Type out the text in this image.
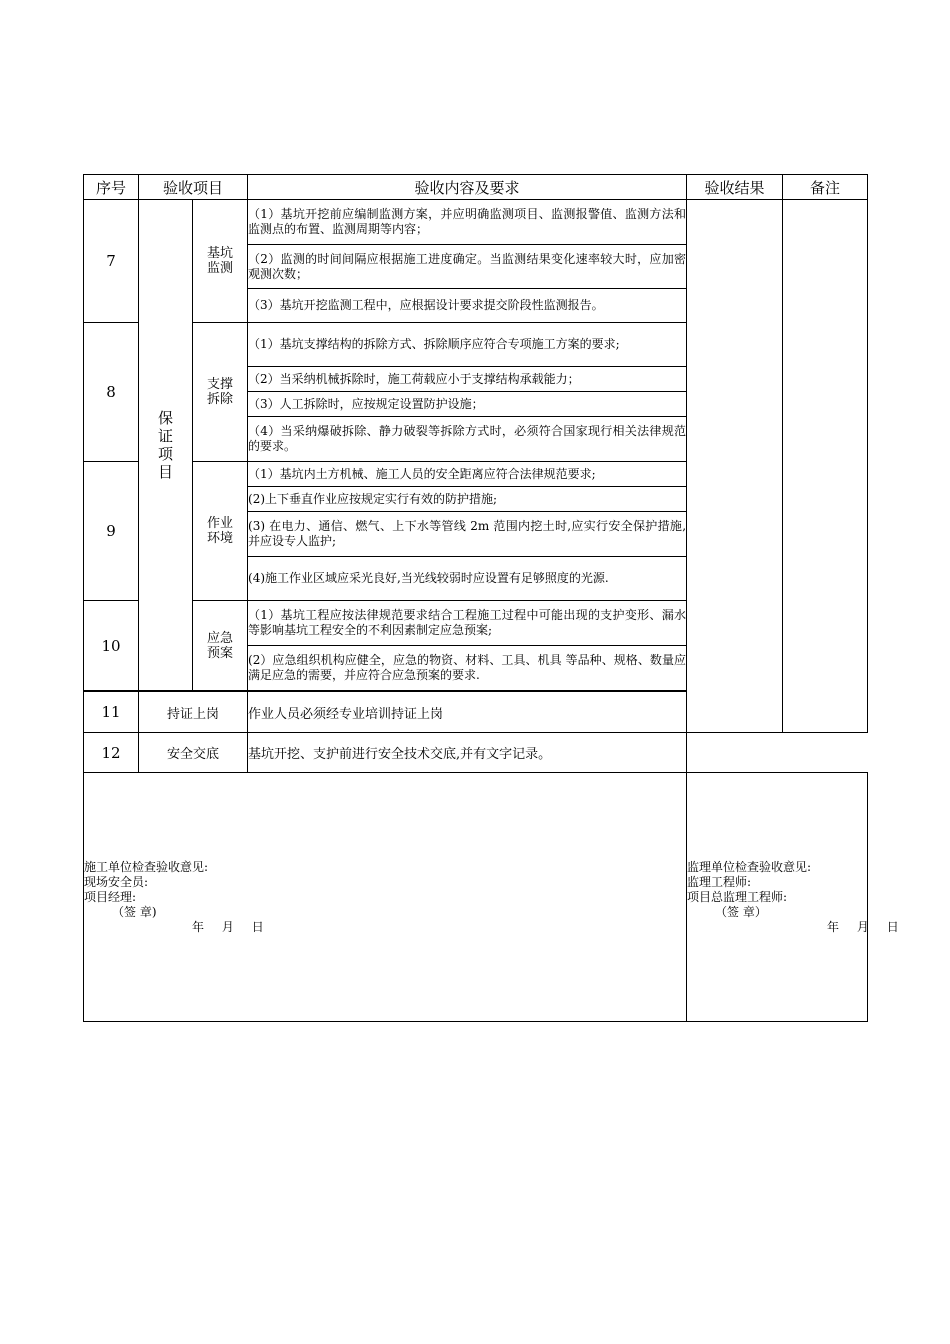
序号	验收项目		验收内容及要求	验收结果	备注
7	保证项目	基坑监测	（1）基坑开挖前应编制监测方案，并应明确监测项目、监测报警值、监测方法和监测点的布置、监测周期等内容；		
			（2）监测的时间间隔应根据施工进度确定。当监测结果变化速率较大时，应加密观测次数；		
			（3）基坑开挖监测工程中，应根据设计要求提交阶段性监测报告。		
8		支撑拆除	（1）基坑支撑结构的拆除方式、拆除顺序应符合专项施工方案的要求;		
			（2）当采纳机械拆除时，施工荷载应小于支撑结构承载能力；		
			（3）人工拆除时，应按规定设置防护设施；		
			（4）当采纳爆破拆除、静力破裂等拆除方式时，必须符合国家现行相关法律规范的要求。		
9		作业环境	（1）基坑内土方机械、施工人员的安全距离应符合法律规范要求;		
			(2)上下垂直作业应按规定实行有效的防护措施;		
			(3) 在电力、通信、燃气、上下水等管线 2m 范围内挖土时,应实行安全保护措施,并应设专人监护;		
			(4)施工作业区域应采光良好,当光线较弱时应设置有足够照度的光源.		
10		应急预案	（1）基坑工程应按法律规范要求结合工程施工过程中可能出现的支护变形、漏水等影响基坑工程安全的不利因素制定应急预案;		
			(2）应急组织机构应健全，应急的物资、材料、工具、机具 等品种、规格、数量应满足应急的需要，并应符合应急预案的要求.		

11	持证上岗		作业人员必须经专业培训持证上岗		
12	安全交底		基坑开挖、支护前进行安全技术交底,并有文字记录。		

施工单位检查验收意见:
现场安全员:
项目经理:
（签 章)
年 月 日				监理单位检查验收意见:
监理工程师:
项目总监理工程师:
（签 章）
年 月 日	
